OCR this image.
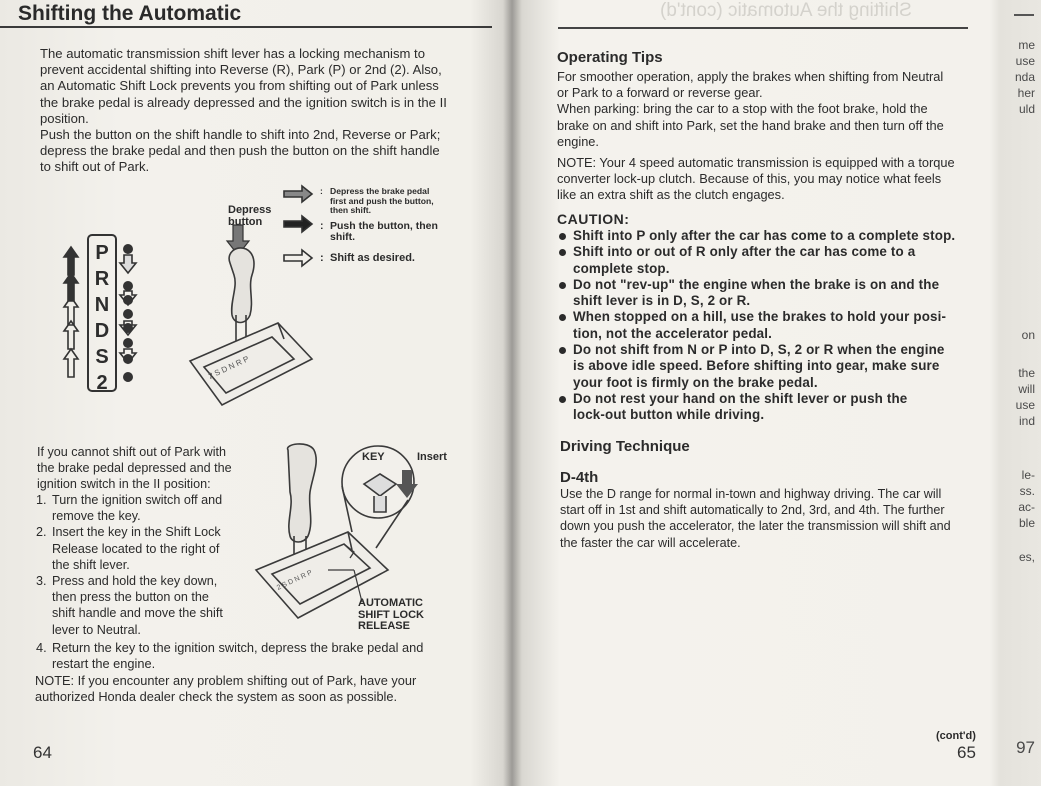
Shifting the Automatic
The automatic transmission shift lever has a locking mechanism to
prevent accidental shifting into Reverse (R), Park (P) or 2nd (2). Also,
an Automatic Shift Lock prevents you from shifting out of Park unless
the brake pedal is already depressed and the ignition switch is in the II
position.
Push the button on the shift handle to shift into 2nd, Reverse or Park;
depress the brake pedal and then push the button on the shift handle
to shift out of Park.
2 S D N R P
P
R
N
D
S
2
Depress
button
: Depress the brake pedal
first and push the button,
then shift.
: Push the button, then
shift.
: Shift as desired.
If you cannot shift out of Park with
the brake pedal depressed and the
ignition switch in the II position:
1. Turn the ignition switch off and
remove the key.
2. Insert the key in the Shift Lock
Release located to the right of
the shift lever.
3. Press and hold the key down,
then press the button on the
shift handle and move the shift
lever to Neutral.
2 S D N R P
KEY	Insert
AUTOMATIC
SHIFT LOCK
RELEASE
4. Return the key to the ignition switch, depress the brake pedal and
restart the engine.
NOTE: If you encounter any problem shifting out of Park, have your
authorized Honda dealer check the system as soon as possible.
64
Shifting the Automatic (cont'd)
Operating Tips
For smoother operation, apply the brakes when shifting from Neutral
or Park to a forward or reverse gear.
When parking: bring the car to a stop with the foot brake, hold the
brake on and shift into Park, set the hand brake and then turn off the
engine.
NOTE: Your 4 speed automatic transmission is equipped with a torque
converter lock-up clutch. Because of this, you may notice what feels
like an extra shift as the clutch engages.
CAUTION:
Shift into P only after the car has come to a complete stop.
Shift into or out of R only after the car has come to a
complete stop.
Do not "rev-up" the engine when the brake is on and the
shift lever is in D, S, 2 or R.
When stopped on a hill, use the brakes to hold your posi-
tion, not the accelerator pedal.
Do not shift from N or P into D, S, 2 or R when the engine
is above idle speed. Before shifting into gear, make sure
your foot is firmly on the brake pedal.
Do not rest your hand on the shift lever or push the
lock-out button while driving.
Driving Technique
D-4th
Use the D range for normal in-town and highway driving. The car will
start off in 1st and shift automatically to 2nd, 3rd, and 4th. The further
down you push the accelerator, the later the transmission will shift and
the faster the car will accelerate.
(cont'd)
65
me
use
nda
her
uld
on
the
will
use
ind
le-
ss.
ac-
ble
es,
97
